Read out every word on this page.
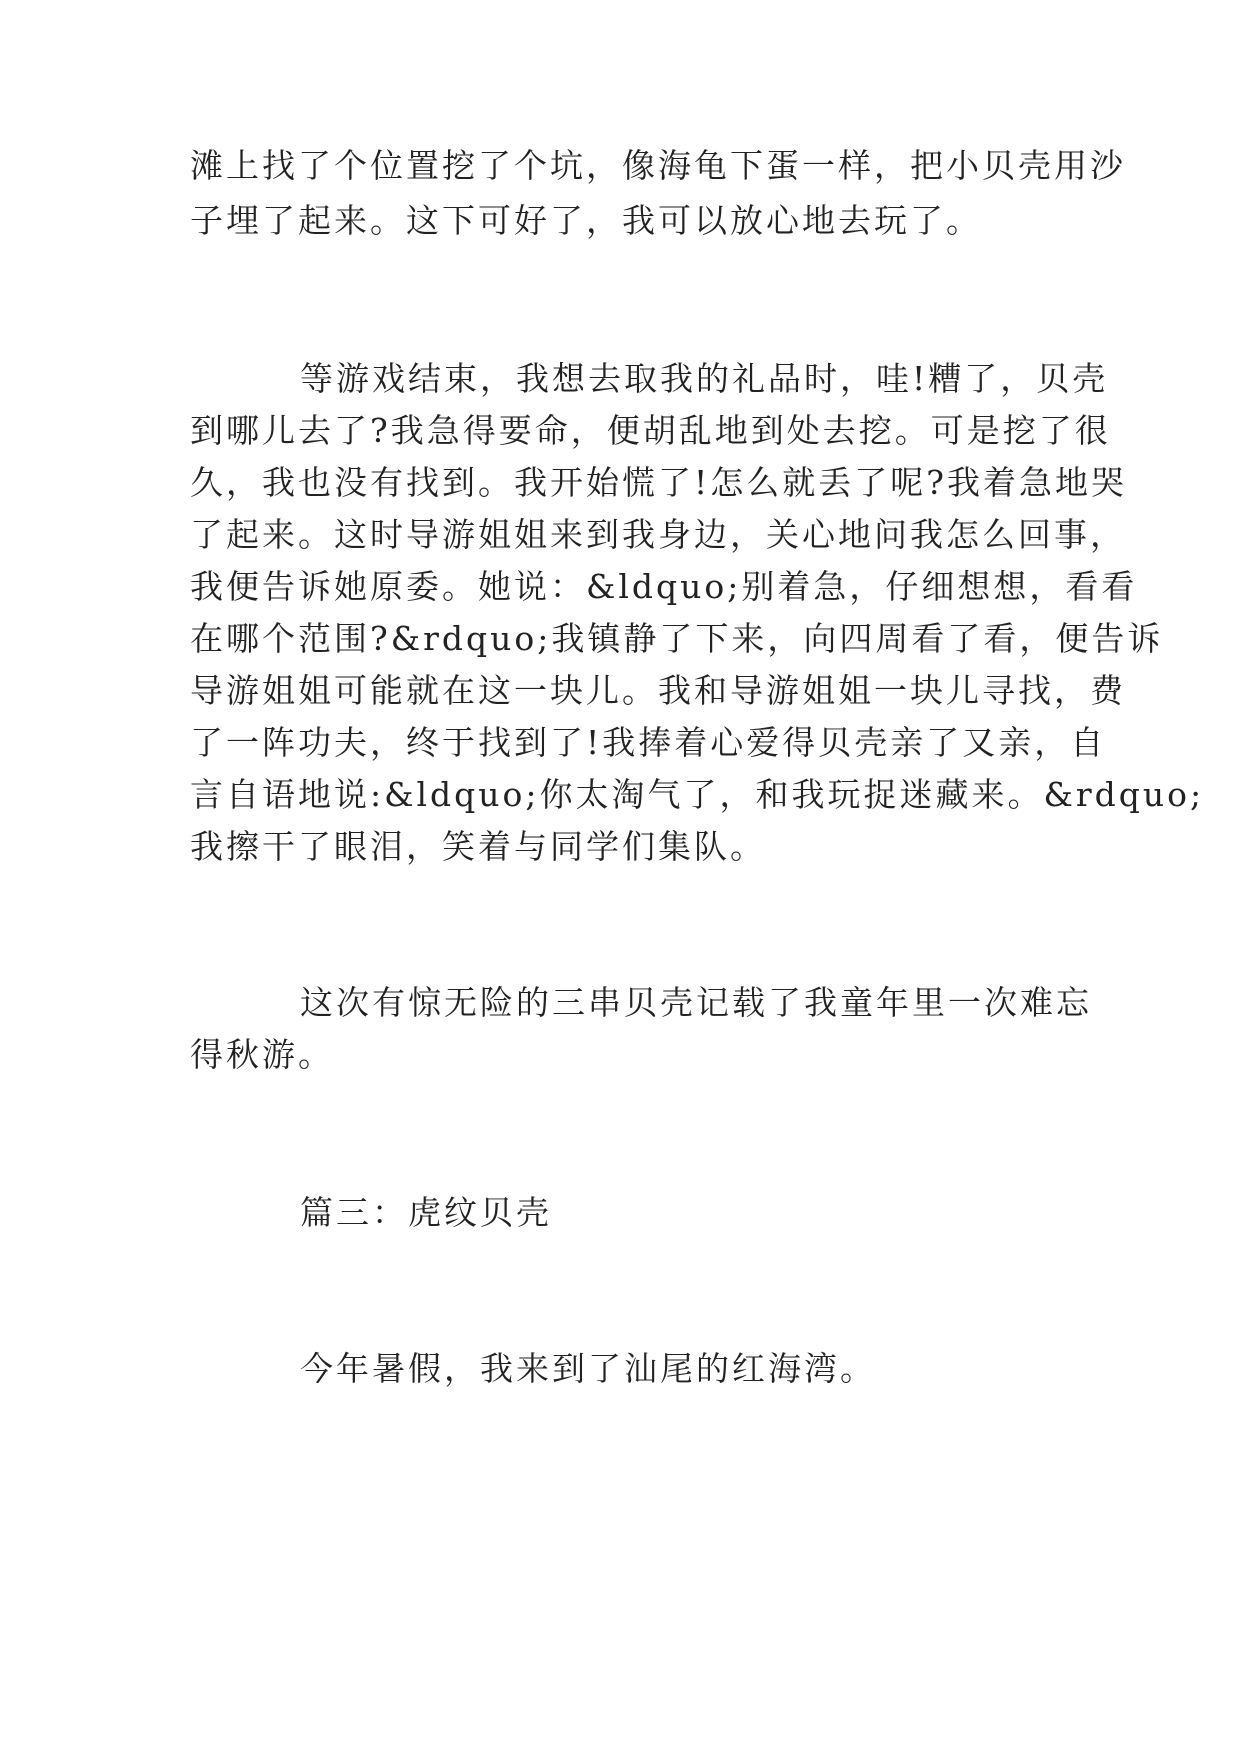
滩上找了个位置挖了个坑，像海龟下蛋一样，把小贝壳用沙
子埋了起来。这下可好了，我可以放心地去玩了。
等游戏结束，我想去取我的礼品时，哇!糟了，贝壳
到哪儿去了?我急得要命，便胡乱地到处去挖。可是挖了很
久，我也没有找到。我开始慌了!怎么就丢了呢?我着急地哭
了起来。这时导游姐姐来到我身边，关心地问我怎么回事，
我便告诉她原委。她说：&ldquo;别着急，仔细想想，看看
在哪个范围?&rdquo;我镇静了下来，向四周看了看，便告诉
导游姐姐可能就在这一块儿。我和导游姐姐一块儿寻找，费
了一阵功夫，终于找到了!我捧着心爱得贝壳亲了又亲，自
言自语地说:&ldquo;你太淘气了，和我玩捉迷藏来。&rdquo;
我擦干了眼泪，笑着与同学们集队。
这次有惊无险的三串贝壳记载了我童年里一次难忘
得秋游。
篇三：虎纹贝壳
今年暑假，我来到了汕尾的红海湾。
